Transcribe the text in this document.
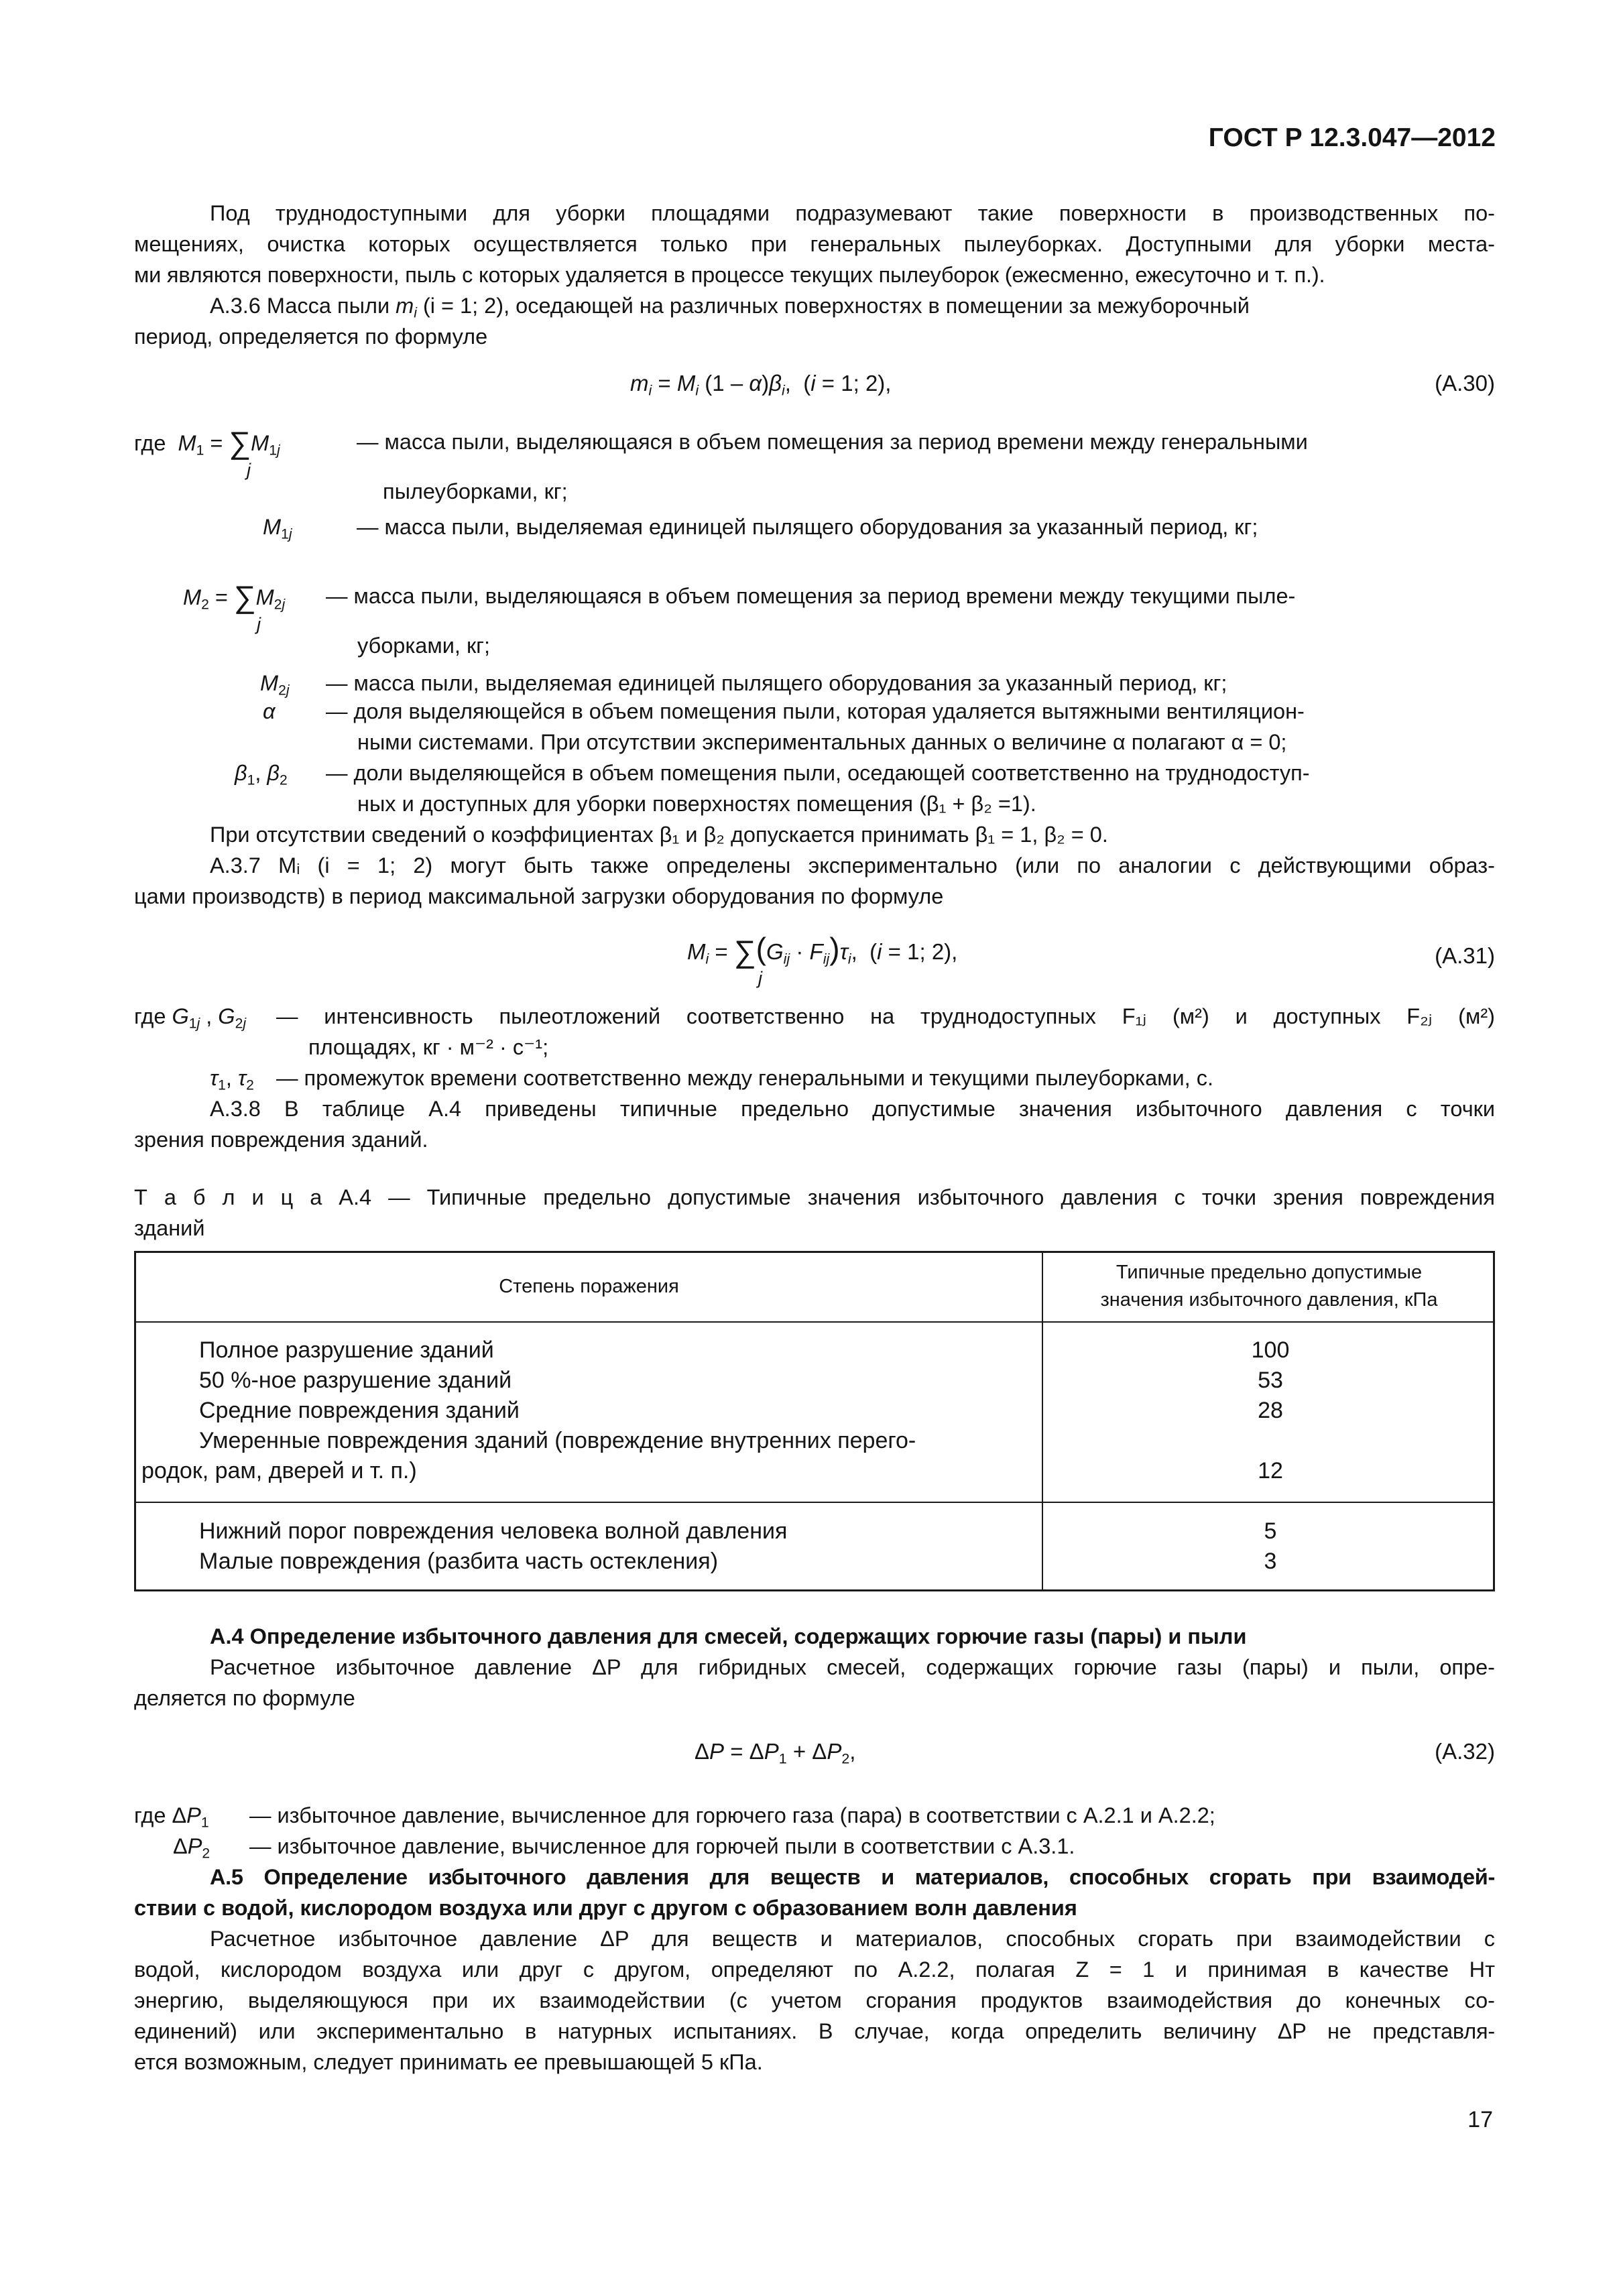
ГОСТ Р 12.3.047—2012
Под труднодоступными для уборки площадями подразумевают такие поверхности в производственных по-
мещениях, очистка которых осуществляется только при генеральных пылеуборках. Доступными для уборки места-
ми являются поверхности, пыль с которых удаляется в процессе текущих пылеуборок (ежесменно, ежесуточно и т. п.).
А.3.6 Масса пыли $m_i$ (i = 1; 2), оседающей на различных поверхностях в помещении за межуборочный
период, определяется по формуле
$m_i = M_i$ $(1 - \alpha)\beta_i$,  (i = 1; 2),	(А.30)
где  $M_1 = \sum M_{1j}$
j
— масса пыли, выделяющаяся в объем помещения за период времени между генеральными
пылеуборками, кг;
$M_{1j}$	— масса пыли, выделяемая единицей пылящего оборудования за указанный период, кг;
$M_2 = \sum M_{2j}$
j
— масса пыли, выделяющаяся в объем помещения за период времени между текущими пыле-
уборками, кг;
$M_{2j}$ — масса пыли, выделяемая единицей пылящего оборудования за указанный период, кг;
α — доля выделяющейся в объем помещения пыли, которая удаляется вытяжными вентиляцион-
ными системами. При отсутствии экспериментальных данных о величине α полагают α = 0;
$\beta_1$, $\beta_2$ — доли выделяющейся в объем помещения пыли, оседающей соответственно на труднодоступ-
ных и доступных для уборки поверхностях помещения (β₁ + β₂ =1).
При отсутствии сведений о коэффициентах β₁ и β₂ допускается принимать β₁ = 1, β₂ = 0.
А.3.7 Mᵢ (i = 1; 2) могут быть также определены экспериментально (или по аналогии с действующими образ-
цами производств) в период максимальной загрузки оборудования по формуле
$M_i = \sum(G_{ij} \cdot F_{ij})\tau_i$,  (i = 1; 2),
j
(А.31)
где $G_{1j}$ , $G_{2j}$ — интенсивность пылеотложений соответственно на труднодоступных F₁ⱼ (м²) и доступных F₂ⱼ (м²)
площадях, кг · м⁻² · с⁻¹;
$\tau_1$, $\tau_2$ — промежуток времени соответственно между генеральными и текущими пылеуборками, с.
А.3.8 В таблице А.4 приведены типичные предельно допустимые значения избыточного давления с точки
зрения повреждения зданий.
Т а б л и ц а А.4 — Типичные предельно допустимые значения избыточного давления с точки зрения повреждения
зданий
Степень поражения
Типичные предельно допустимые
значения избыточного давления, кПа
Полное разрушение зданий	100
50 %-ное разрушение зданий	53
Средние повреждения зданий	28
Умеренные повреждения зданий (повреждение внутренних перего-
родок, рам, дверей и т. п.)	12
Нижний порог повреждения человека волной давления	5
Малые повреждения (разбита часть остекления)	3
А.4 Определение избыточного давления для смесей, содержащих горючие газы (пары) и пыли
Расчетное избыточное давление ΔP для гибридных смесей, содержащих горючие газы (пары) и пыли, опре-
деляется по формуле
$\Delta P = \Delta P_1 + \Delta P_2$,	(А.32)
где $\Delta P_1$ — избыточное давление, вычисленное для горючего газа (пара) в соответствии с А.2.1 и А.2.2;
$\Delta P_2$ — избыточное давление, вычисленное для горючей пыли в соответствии с А.3.1.
А.5 Определение избыточного давления для веществ и материалов, способных сгорать при взаимодей-
ствии с водой, кислородом воздуха или друг с другом с образованием волн давления
Расчетное избыточное давление ΔP для веществ и материалов, способных сгорать при взаимодействии с
водой, кислородом воздуха или друг с другом, определяют по А.2.2, полагая Z = 1 и принимая в качестве Hт
энергию, выделяющуюся при их взаимодействии (с учетом сгорания продуктов взаимодействия до конечных со-
единений) или экспериментально в натурных испытаниях. В случае, когда определить величину ΔP не представля-
ется возможным, следует принимать ее превышающей 5 кПа.
17
